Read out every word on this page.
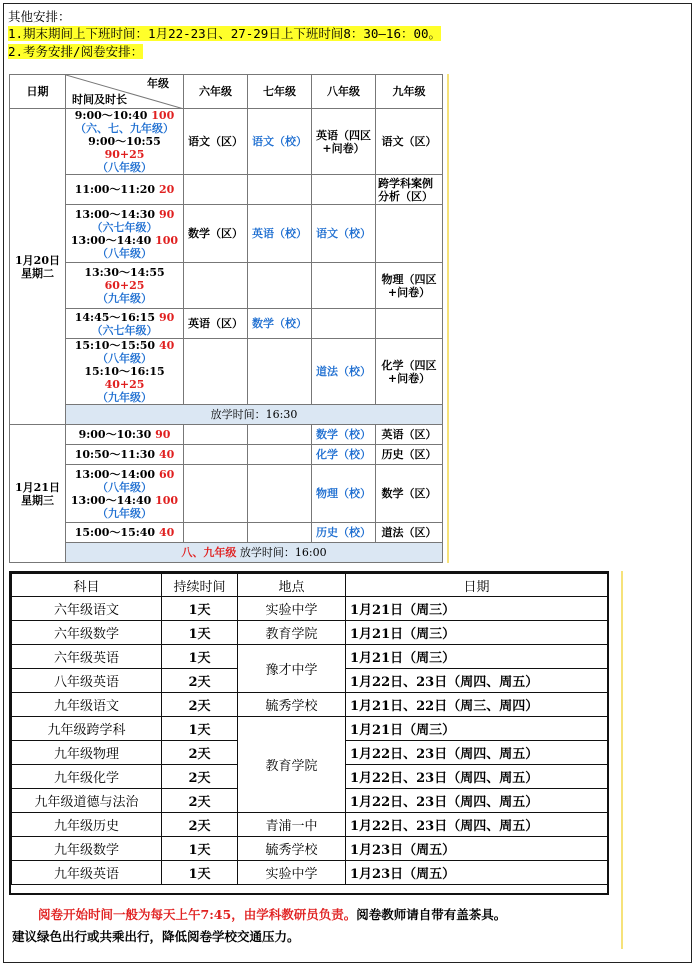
其他安排：
1.期末期间上下班时间：1月22-23日、27-29日上下班时间8：30—16：00。
2.考务安排/阅卷安排：
日期	年级
时间及时长	六年级	七年级	八年级	九年级
1月20日
星期二	9:00～10:40 100
（六、七、九年级）
9:00～10:55 90+25
（八年级）	语文（区）	语文（校）	英语（四区+问卷）	语文（区）
	11:00～11:20 20				跨学科案例分析（区）
	13:00～14:30 90
（六七年级）
13:00～14:40 100
（八年级）	数学（区）	英语（校）	语文（校）	
	13:30～14:55 60+25
（九年级）				物理（四区+问卷）
	14:45～16:15 90
（六七年级）	英语（区）	数学（校）		
	15:10～15:50 40
（八年级）
15:10～16:15 40+25
（九年级）			道法（校）	化学（四区+问卷）
	放学时间：16:30				
1月21日
星期三	9:00～10:30 90			数学（校）	英语（区）
	10:50～11:30 40			化学（校）	历史（区）
	13:00～14:00 60
（八年级）
13:00～14:40 100
（九年级）			物理（校）	数学（区）
	15:00～15:40 40			历史（校）	道法（区）
	八、九年级 放学时间：16:00				
科目	持续时间	地点	日期
六年级语文	1天	实验中学	1月21日（周三）
六年级数学	1天	教育学院	1月21日（周三）
六年级英语	1天	豫才中学	1月21日（周三）
八年级英语	2天		1月22日、23日（周四、周五）
九年级语文	2天	毓秀学校	1月21日、22日（周三、周四）
九年级跨学科	1天	教育学院	1月21日（周三）
九年级物理	2天		1月22日、23日（周四、周五）
九年级化学	2天		1月22日、23日（周四、周五）
九年级道德与法治	2天		1月22日、23日（周四、周五）
九年级历史	2天	青浦一中	1月22日、23日（周四、周五）
九年级数学	1天	毓秀学校	1月23日（周五）
九年级英语	1天	实验中学	1月23日（周五）
阅卷开始时间一般为每天上午7:45，由学科教研员负责。阅卷教师请自带有盖茶具。
建议绿色出行或共乘出行，降低阅卷学校交通压力。
